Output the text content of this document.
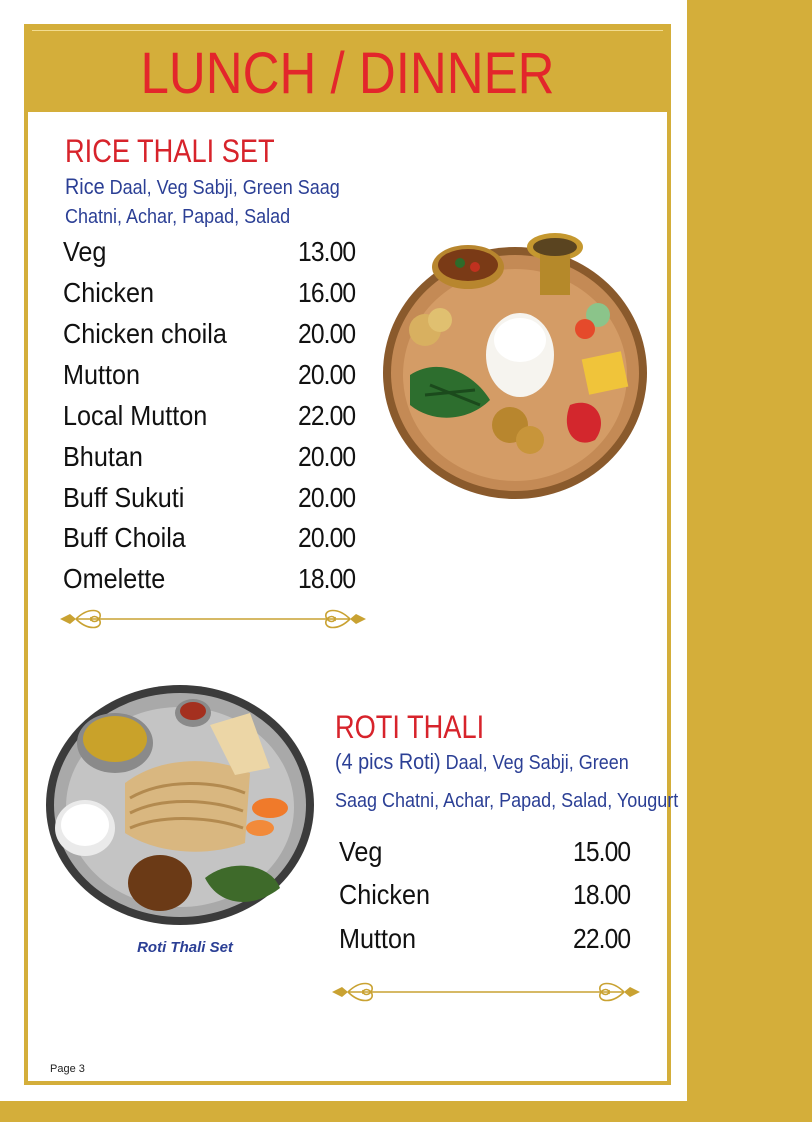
LUNCH / DINNER
RICE THALI SET
Rice Daal, Veg Sabji, Green Saag
Chatni, Achar, Papad, Salad
Veg	13.00
Chicken	16.00
Chicken choila	20.00
Mutton	20.00
Local Mutton	22.00
Bhutan	20.00
Buff Sukuti	20.00
Buff Choila	20.00
Omelette	18.00
Roti Thali Set
ROTI THALI
(4 pics Roti) Daal, Veg Sabji, Green
Saag Chatni, Achar, Papad, Salad, Yougurt
Veg	15.00
Chicken	18.00
Mutton	22.00
Page 3
